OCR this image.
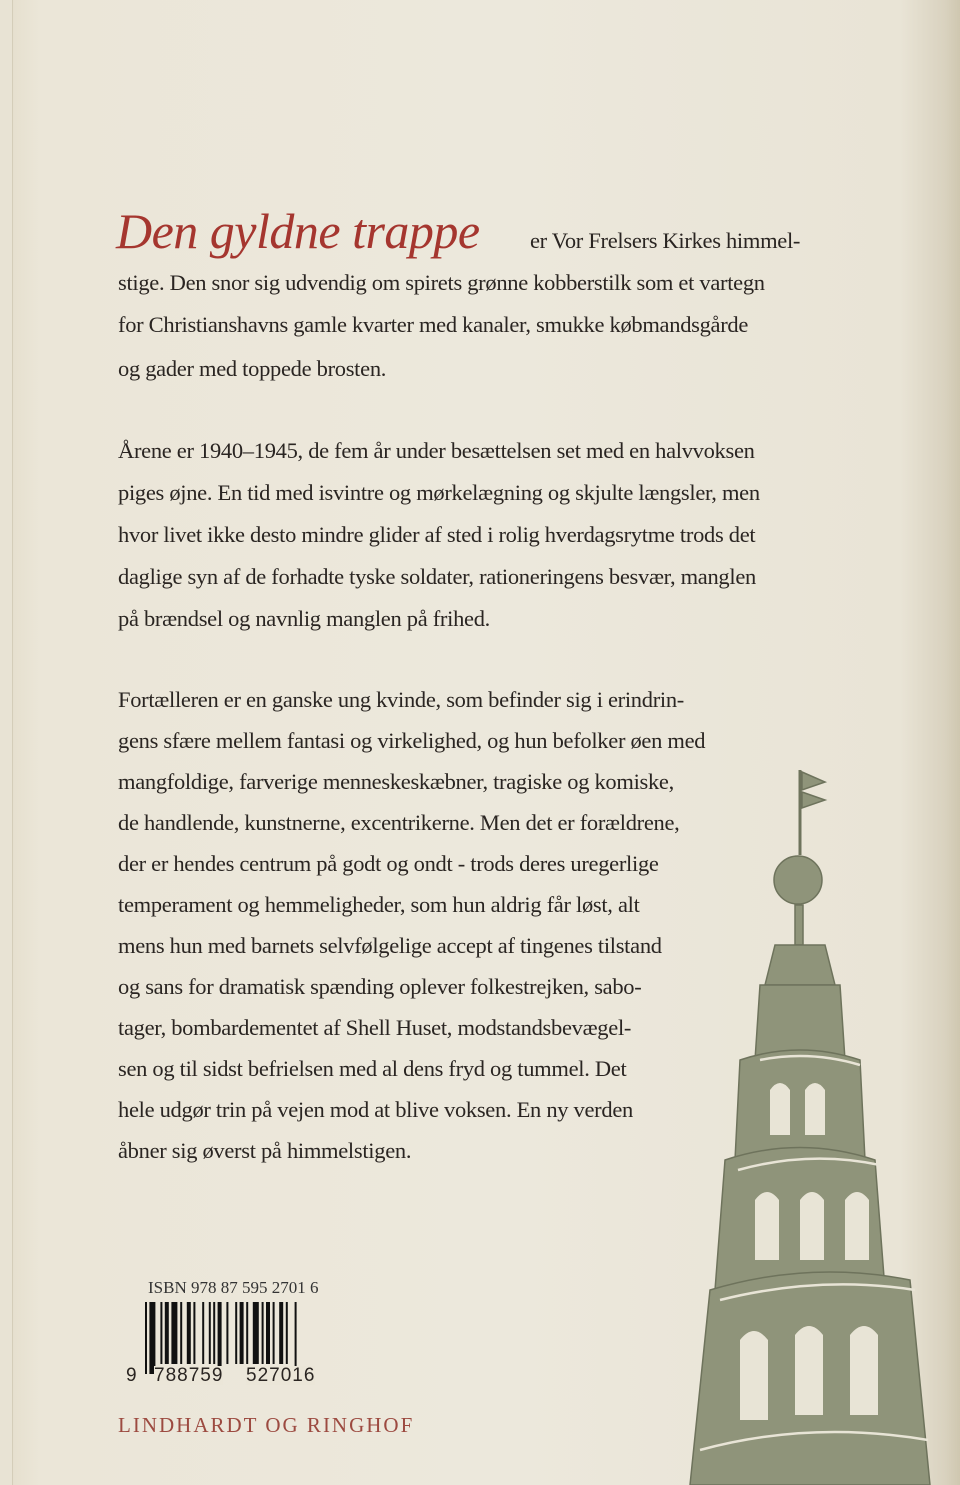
Den gyldne trappe er Vor Frelsers Kirkes himmel-
stige. Den snor sig udvendig om spirets grønne kobberstilk som et vartegn
for Christianshavns gamle kvarter med kanaler, smukke købmandsgårde
og gader med toppede brosten.
Årene er 1940–1945, de fem år under besættelsen set med en halvvoksen
piges øjne. En tid med isvintre og mørkelægning og skjulte længsler, men
hvor livet ikke desto mindre glider af sted i rolig hverdagsrytme trods det
daglige syn af de forhadte tyske soldater, rationeringens besvær, manglen
på brændsel og navnlig manglen på frihed.
Fortælleren er en ganske ung kvinde, som befinder sig i erindrin-
gens sfære mellem fantasi og virkelighed, og hun befolker øen med
mangfoldige, farverige menneskeskæbner, tragiske og komiske,
de handlende, kunstnerne, excentrikerne. Men det er forældrene,
der er hendes centrum på godt og ondt - trods deres uregerlige
temperament og hemmeligheder, som hun aldrig får løst, alt
mens hun med barnets selvfølgelige accept af tingenes tilstand
og sans for dramatisk spænding oplever folkestrejken, sabo-
tager, bombardementet af Shell Huset, modstandsbevægel-
sen og til sidst befrielsen med al dens fryd og tummel. Det
hele udgør trin på vejen mod at blive voksen. En ny verden
åbner sig øverst på himmelstigen.
ISBN 978 87 595 2701 6
9 788759 527016
LINDHARDT OG RINGHOF
